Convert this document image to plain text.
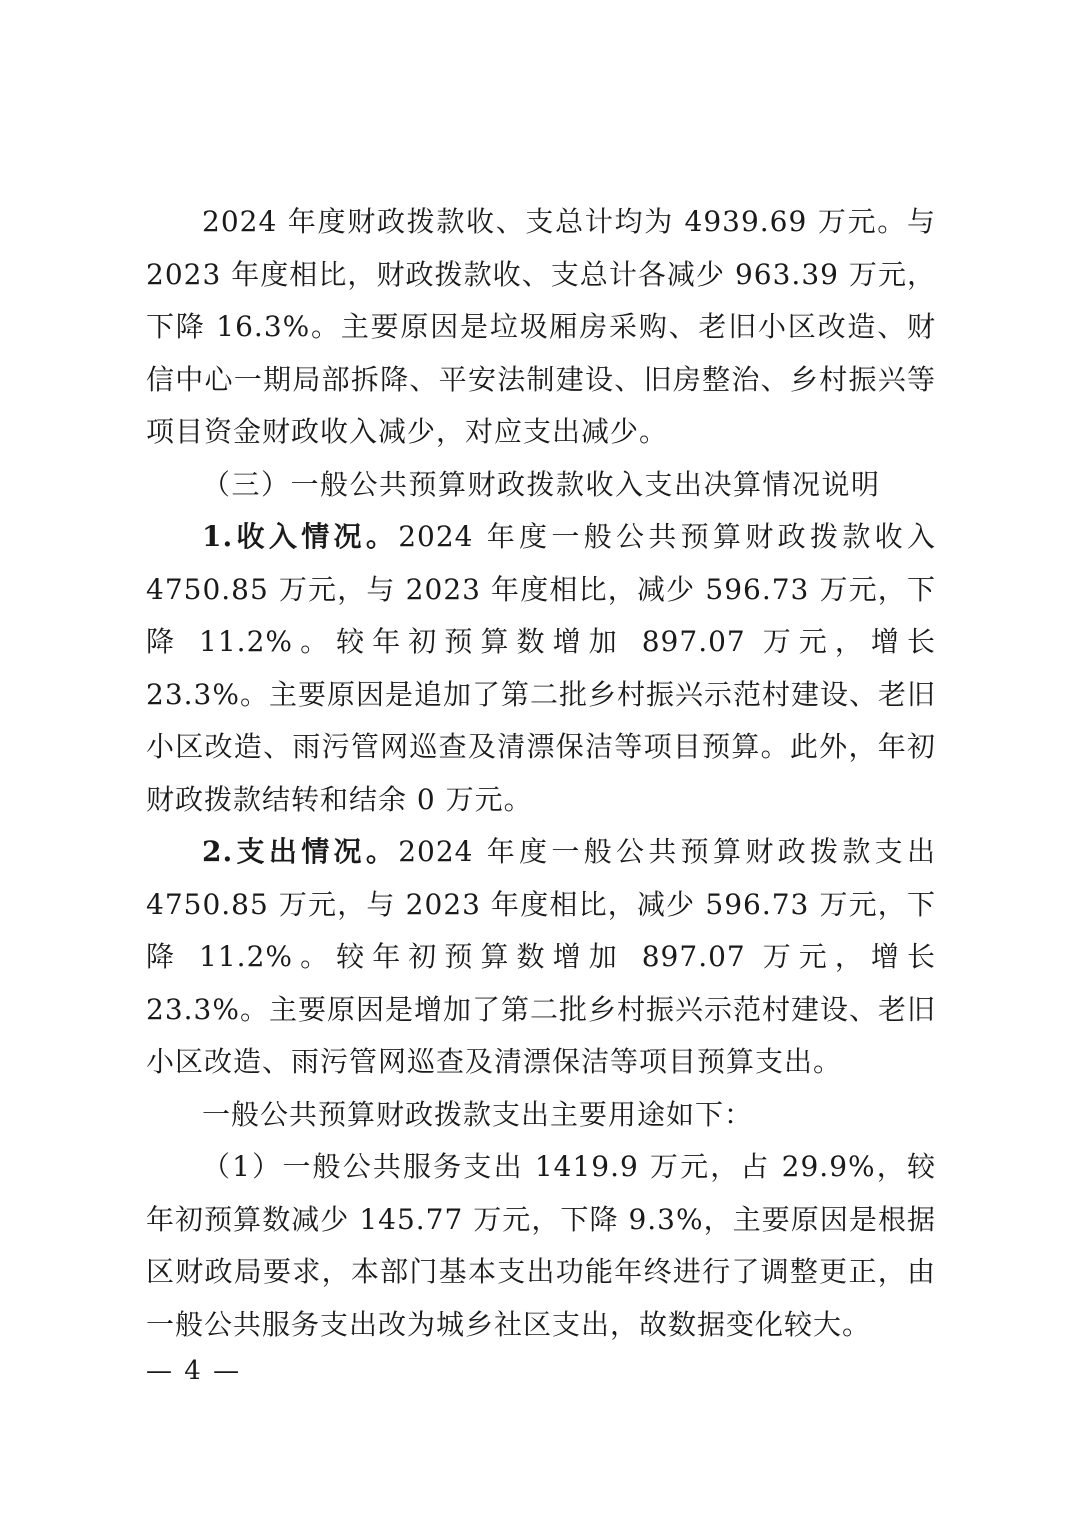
2024 年度财政拨款收、支总计均为 4939.69 万元。与 2023 年度相比，财政拨款收、支总计各减少 963.39 万元，下降 16.3%。主要原因是垃圾厢房采购、老旧小区改造、财信中心一期局部拆降、平安法制建设、旧房整治、乡村振兴等项目资金财政收入减少，对应支出减少。

（三）一般公共预算财政拨款收入支出决算情况说明

1.收入情况。2024 年度一般公共预算财政拨款收入 4750.85 万元，与 2023 年度相比，减少 596.73 万元，下降 11.2%。较年初预算数增加 897.07 万元，增长 23.3%。主要原因是追加了第二批乡村振兴示范村建设、老旧小区改造、雨污管网巡查及清漂保洁等项目预算。此外，年初财政拨款结转和结余 0 万元。

2.支出情况。2024 年度一般公共预算财政拨款支出 4750.85 万元，与 2023 年度相比，减少 596.73 万元，下降 11.2%。较年初预算数增加 897.07 万元，增长 23.3%。主要原因是增加了第二批乡村振兴示范村建设、老旧小区改造、雨污管网巡查及清漂保洁等项目预算支出。

一般公共预算财政拨款支出主要用途如下：

（1）一般公共服务支出 1419.9 万元，占 29.9%，较年初预算数减少 145.77 万元，下降 9.3%，主要原因是根据区财政局要求，本部门基本支出功能年终进行了调整更正，由一般公共服务支出改为城乡社区支出，故数据变化较大。

— 4 —
